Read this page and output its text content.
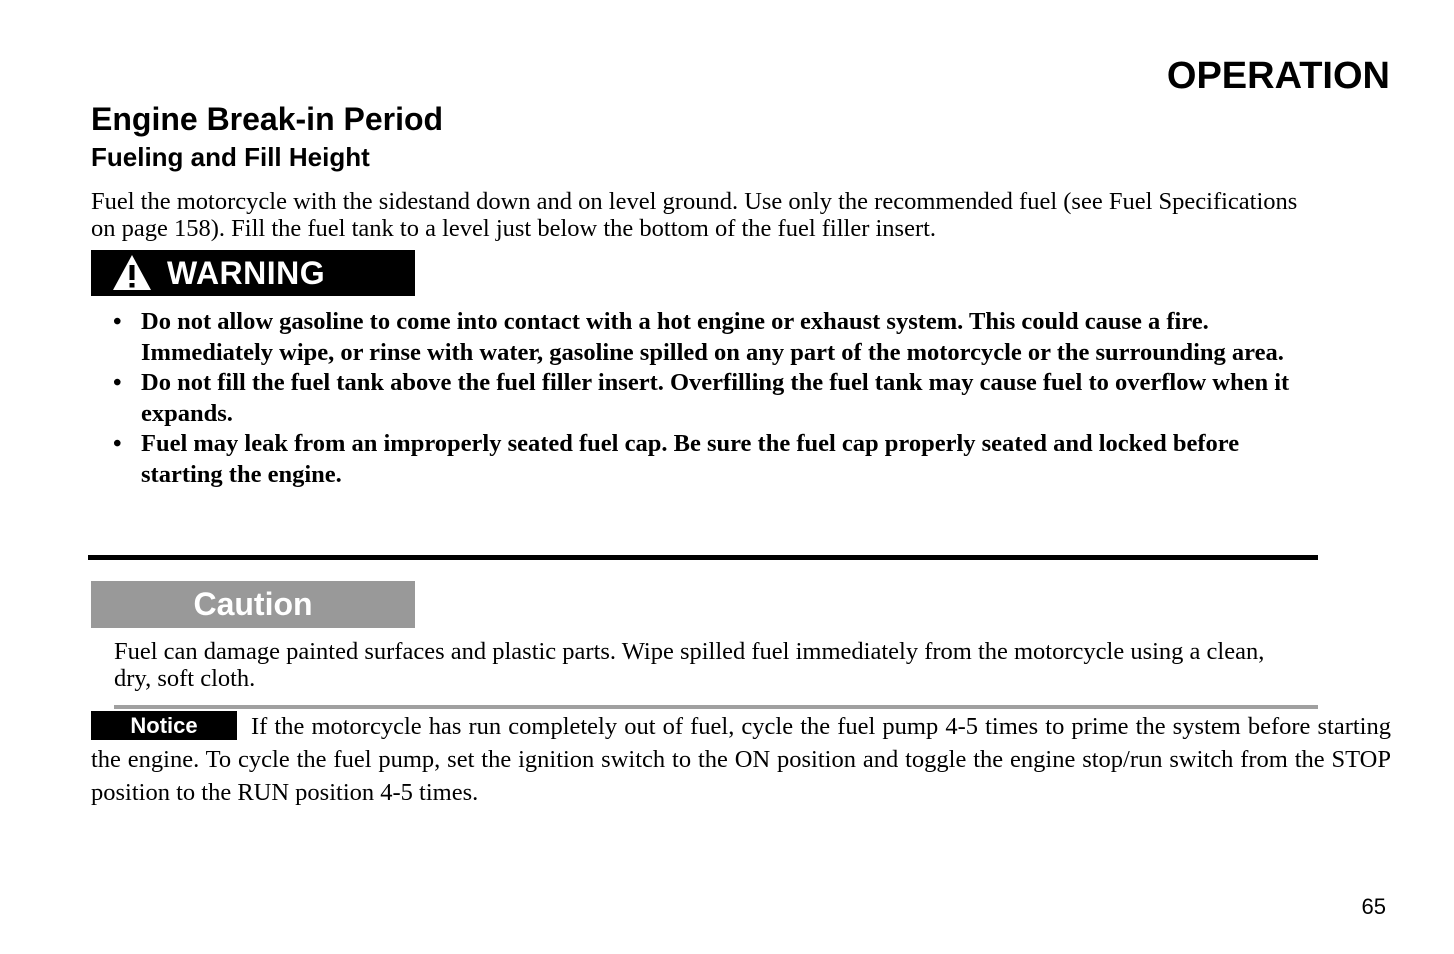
OPERATION
Engine Break-in Period
Fueling and Fill Height

Fuel the motorcycle with the sidestand down and on level ground. Use only the recommended fuel (see Fuel Specifications on page 158). Fill the fuel tank to a level just below the bottom of the fuel filler insert.

WARNING
• Do not allow gasoline to come into contact with a hot engine or exhaust system. This could cause a fire. Immediately wipe, or rinse with water, gasoline spilled on any part of the motorcycle or the surrounding area.
• Do not fill the fuel tank above the fuel filler insert. Overfilling the fuel tank may cause fuel to overflow when it expands.
• Fuel may leak from an improperly seated fuel cap. Be sure the fuel cap properly seated and locked before starting the engine.
Caution

Fuel can damage painted surfaces and plastic parts. Wipe spilled fuel immediately from the motorcycle using a clean, dry, soft cloth.

Notice If the motorcycle has run completely out of fuel, cycle the fuel pump 4-5 times to prime the system before starting the engine. To cycle the fuel pump, set the ignition switch to the ON position and toggle the engine stop/run switch from the STOP position to the RUN position 4-5 times.

65
